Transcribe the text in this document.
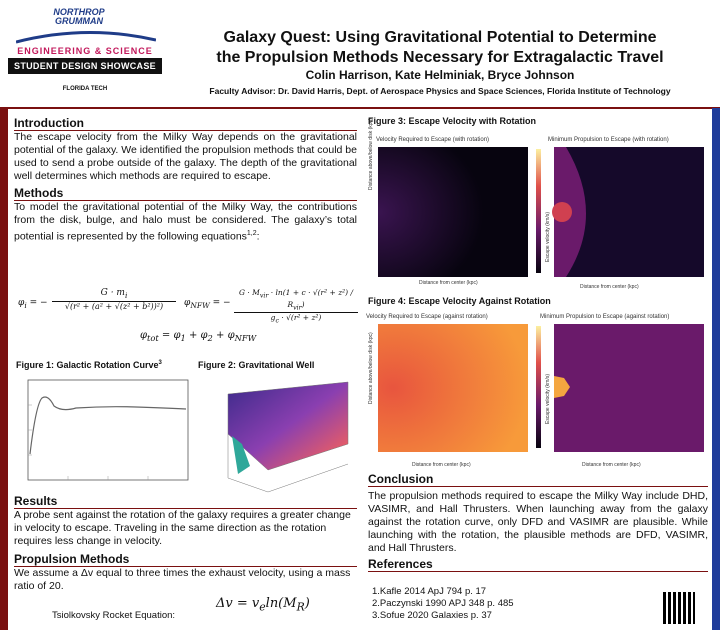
NORTHROP
GRUMMAN
ENGINEERING & SCIENCE
STUDENT DESIGN SHOWCASE
FLORIDA TECH
Galaxy Quest: Using Gravitational Potential to Determine
the Propulsion Methods Necessary for Extragalactic Travel
Colin Harrison, Kate Helminiak, Bryce Johnson
Faculty Advisor: Dr. David Harris, Dept. of Aerospace Physics and Space Sciences, Florida Institute of Technology
Introduction
The escape velocity from the Milky Way depends on the gravitational potential of the galaxy. We identified the propulsion methods that could be used to send a probe outside of the galaxy. The depth of the gravitational well determines which methods are required to escape.
Methods
To model the gravitational potential of the Milky Way, the contributions from the disk, bulge, and halo must be considered. The galaxy’s total potential is represented by the following equations$^{1,2}$:
$\varphi_i$ = − $\frac{G \cdot m_i}{\text{√(r² + (a² + √(z² + b²))²)}} \varphi_{NFW}$ = −
$G \cdot M_{vir} \cdot \ln(1 + c \cdot √(r^2 + z^2) / R_{vir})$
$g_c \cdot √(r^2 + z^2)$
$\varphi_{tot} = \varphi_1 + \varphi_2 + \varphi_{NFW}$
Figure 1: Galactic Rotation Curve$^3$	Figure 2: Gravitational Well
Results
A probe sent against the rotation of the galaxy requires a greater change in velocity to escape. Traveling in the same direction as the rotation requires less change in velocity.
Propulsion Methods
We assume a Δv equal to three times the exhaust velocity, using a mass ratio of 20.
Tsiolkovsky Rocket Equation:
$\Delta v = v_e\ln(M_R)$
Figure 3: Escape Velocity with Rotation
Velocity Required to Escape (with rotation)	Minimum Propulsion to Escape (with rotation)
Distance above/below disk (kpc)
Distance from center (kpc)
Escape velocity (km/s)
Distance from center (kpc)
Figure 4: Escape Velocity Against Rotation
Velocity Required to Escape (against rotation)	Minimum Propulsion to Escape (against rotation)
Distance above/below disk (kpc)
Distance from center (kpc)
Escape velocity (km/s)
Distance from center (kpc)
Conclusion
The propulsion methods required to escape the Milky Way include DHD, VASIMR, and Hall Thrusters. When launching away from the galaxy against the rotation curve, only DFD and VASIMR are plausible. While launching with the rotation, the plausible methods are DFD, VASIMR, and Hall Thrusters.
References
1.Kafle 2014 ApJ 794 p. 17
2.Paczynski 1990 APJ 348 p. 485
3.Sofue 2020 Galaxies p. 37
